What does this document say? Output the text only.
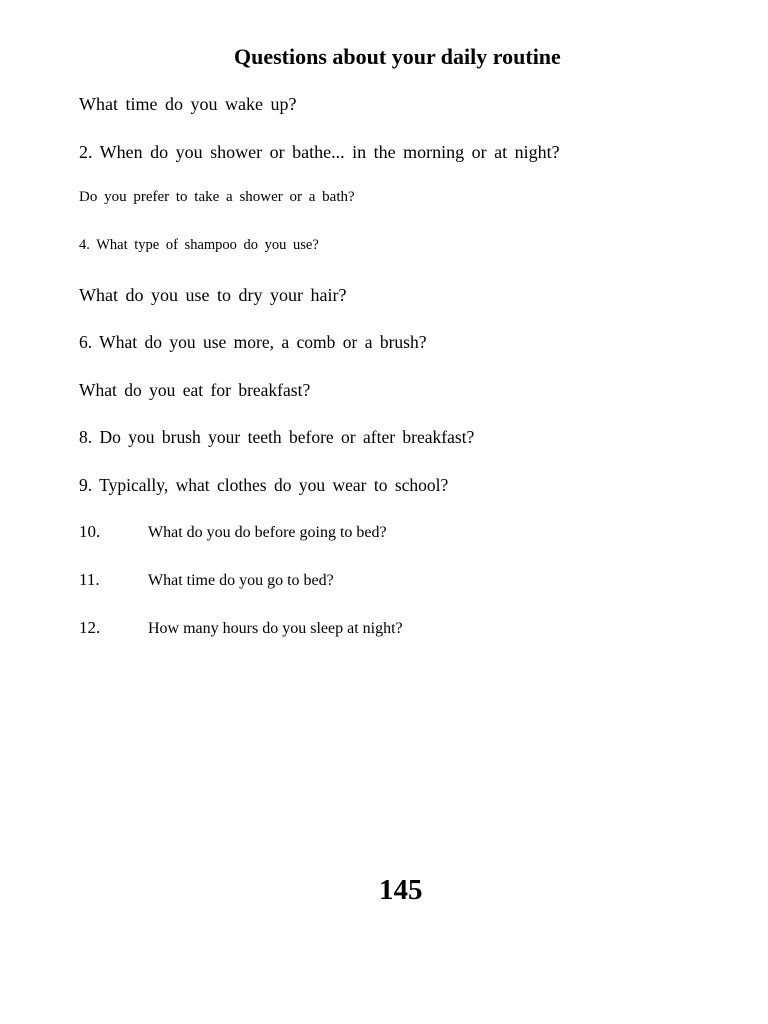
Questions about your daily routine
What time do you wake up?
2. When do you shower or bathe... in the morning or at night?
Do you prefer to take a shower or a bath?
4. What type of shampoo do you use?
What do you use to dry your hair?
6. What do you use more, a comb or a brush?
What do you eat for breakfast?
8. Do you brush your teeth before or after breakfast?
9. Typically, what clothes do you wear to school?
10.	What do you do before going to bed?
11.	What time do you go to bed?
12.	How many hours do you sleep at night?
145
